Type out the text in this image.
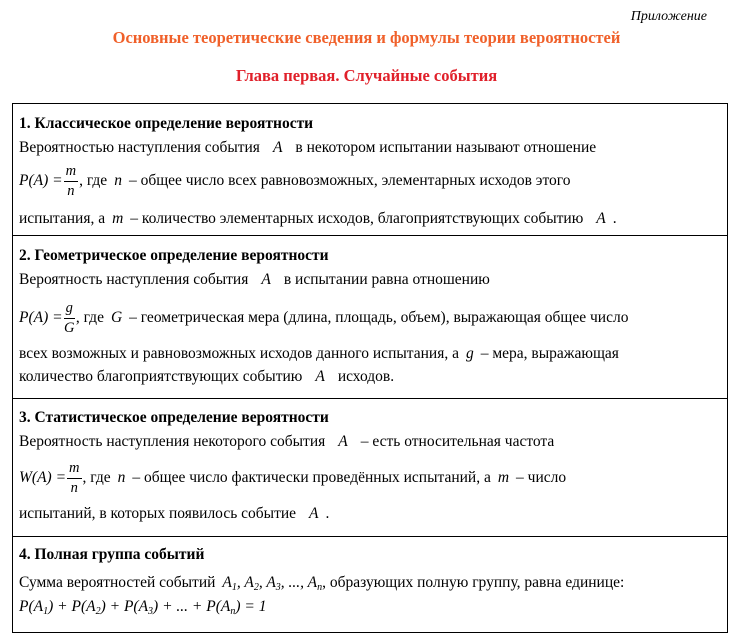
Приложение
Основные теоретические сведения и формулы теории вероятностей
Глава первая. Случайные события
1. Классическое определение вероятности
Вероятностью наступления события A в некотором испытании называют отношение
$P(A) = \frac{m}{n}$ , где n – общее число всех равновозможных, элементарных исходов этого
испытания, а m – количество элементарных исходов, благоприятствующих событию A .

2. Геометрическое определение вероятности
Вероятность наступления события A в испытании равна отношению
$P(A) = \frac{g}{G}$ , где G – геометрическая мера (длина, площадь, объем), выражающая общее число
всех возможных и равновозможных исходов данного испытания, а g – мера, выражающая
количество благоприятствующих событию A исходов.

3. Статистическое определение вероятности
Вероятность наступления некоторого события A – есть относительная частота
$W(A) = \frac{m}{n}$ , где n – общее число фактически проведённых испытаний, а m – число
испытаний, в которых появилось событие A .

4. Полная группа событий
Сумма вероятностей событий $A_1$, $A_2$, $A_3$, ..., $A_n$ , образующих полную группу, равна единице:
$P(A_1) + P(A_2) + P(A_3)$ + ... + $P(A_n) = 1$
